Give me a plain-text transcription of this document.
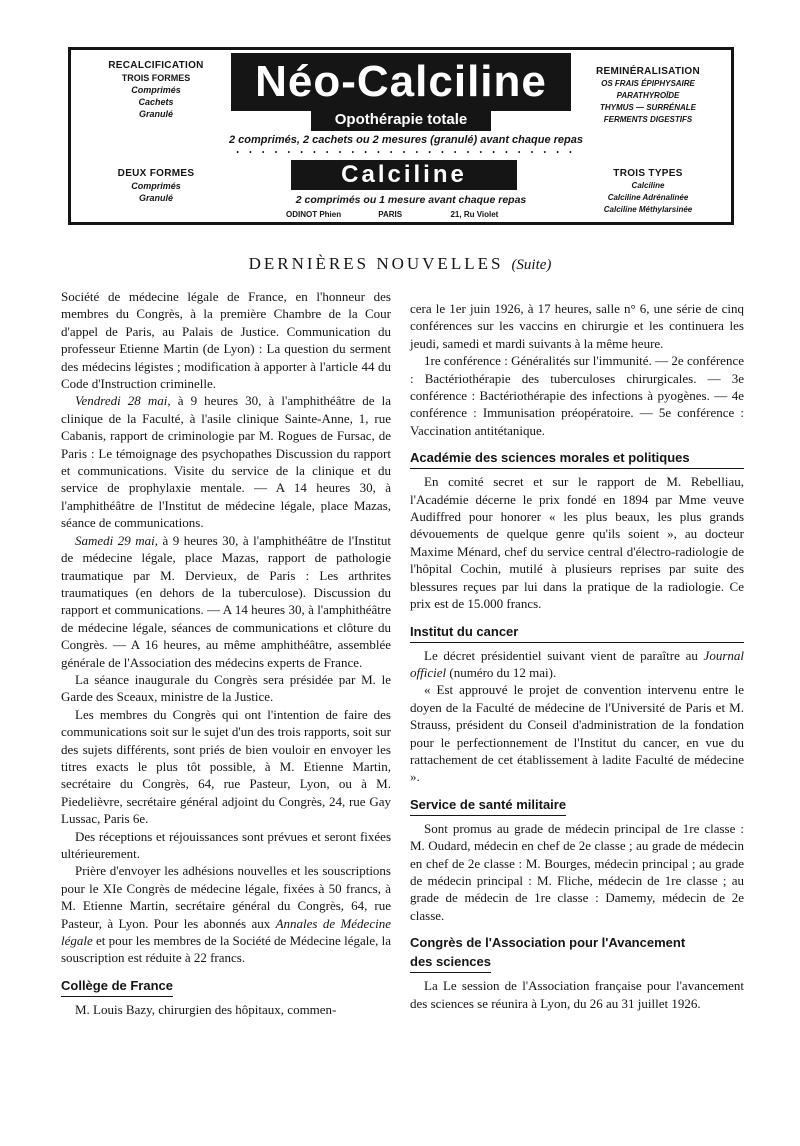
RECALCIFICATION
TROIS FORMES
Comprimés
Cachets
Granulé
DEUX FORMES
Comprimés
Granulé
Néo-Calciline
Opothérapie totale
2 comprimés, 2 cachets ou 2 mesures (granulé) avant chaque repas
• • • • • • • • • • • • • • • • • • • • • • • • • • •
Calciline
2 comprimés ou 1 mesure avant chaque repas
ODINOT Phien	PARIS	21, Ru Violet
REMINÉRALISATION
OS FRAIS ÉPIPHYSAIRE
PARATHYROÏDE
THYMUS — SURRÉNALE
FERMENTS DIGESTIFS
TROIS TYPES
Calciline
Calciline Adrénalinée
Calciline Méthylarsinée
DERNIÈRES NOUVELLES (Suite)

Société de médecine légale de France, en l'honneur des membres du Congrès, à la première Chambre de la Cour d'appel de Paris, au Palais de Justice. Communication du professeur Etienne Martin (de Lyon) : La question du serment des médecins légistes ; modification à apporter à l'article 44 du Code d'Instruction criminelle.

Vendredi 28 mai, à 9 heures 30, à l'amphithéâtre de la clinique de la Faculté, à l'asile clinique Sainte-Anne, 1, rue Cabanis, rapport de criminologie par M. Rogues de Fursac, de Paris : Le témoignage des psychopathes Discussion du rapport et communications. Visite du service de la clinique et du service de prophylaxie mentale. — A 14 heures 30, à l'amphithéâtre de l'Institut de médecine légale, place Mazas, séance de communications.

Samedi 29 mai, à 9 heures 30, à l'amphithéâtre de l'Institut de médecine légale, place Mazas, rapport de pathologie traumatique par M. Dervieux, de Paris : Les arthrites traumatiques (en dehors de la tuberculose). Discussion du rapport et communications. — A 14 heures 30, à l'amphithéâtre de médecine légale, séances de communications et clôture du Congrès. — A 16 heures, au même amphithéâtre, assemblée générale de l'Association des médecins experts de France.

La séance inaugurale du Congrès sera présidée par M. le Garde des Sceaux, ministre de la Justice.

Les membres du Congrès qui ont l'intention de faire des communications soit sur le sujet d'un des trois rapports, soit sur des sujets différents, sont priés de bien vouloir en envoyer les titres exacts le plus tôt possible, à M. Etienne Martin, secrétaire du Congrès, 64, rue Pasteur, Lyon, ou à M. Piedelièvre, secrétaire général adjoint du Congrès, 24, rue Gay Lussac, Paris 6e.

Des réceptions et réjouissances sont prévues et seront fixées ultérieurement.

Prière d'envoyer les adhésions nouvelles et les souscriptions pour le XIe Congrès de médecine légale, fixées à 50 francs, à M. Etienne Martin, secrétaire général du Congrès, 64, rue Pasteur, à Lyon. Pour les abonnés aux Annales de Médecine légale et pour les membres de la Société de Médecine légale, la souscription est réduite à 22 francs.

Collège de France

M. Louis Bazy, chirurgien des hôpitaux, commen-

cera le 1er juin 1926, à 17 heures, salle n° 6, une série de cinq conférences sur les vaccins en chirurgie et les continuera les jeudi, samedi et mardi suivants à la même heure.

1re conférence : Généralités sur l'immunité. — 2e conférence : Bactériothérapie des tuberculoses chirurgicales. — 3e conférence : Bactériothérapie des infections à pyogènes. — 4e conférence : Immunisation préopératoire. — 5e conférence : Vaccination antitétanique.

Académie des sciences morales et politiques

En comité secret et sur le rapport de M. Rebelliau, l'Académie décerne le prix fondé en 1894 par Mme veuve Audiffred pour honorer « les plus beaux, les plus grands dévouements de quelque genre qu'ils soient », au docteur Maxime Ménard, chef du service central d'électro-radiologie de l'hôpital Cochin, mutilé à plusieurs reprises par suite des blessures reçues par lui dans la pratique de la radiologie. Ce prix est de 15.000 francs.

Institut du cancer

Le décret présidentiel suivant vient de paraître au Journal officiel (numéro du 12 mai).

« Est approuvé le projet de convention intervenu entre le doyen de la Faculté de médecine de l'Université de Paris et M. Strauss, président du Conseil d'administration de la fondation pour le perfectionnement de l'Institut du cancer, en vue du rattachement de cet établissement à ladite Faculté de médecine ».

Service de santé militaire

Sont promus au grade de médecin principal de 1re classe : M. Oudard, médecin en chef de 2e classe ; au grade de médecin en chef de 2e classe : M. Bourges, médecin principal ; au grade de médecin principal : M. Fliche, médecin de 1re classe ; au grade de médecin de 1re classe : Damemy, médecin de 2e classe.

Congrès de l'Association pour l'Avancement
des sciences

La Le session de l'Association française pour l'avancement des sciences se réunira à Lyon, du 26 au 31 juillet 1926.
